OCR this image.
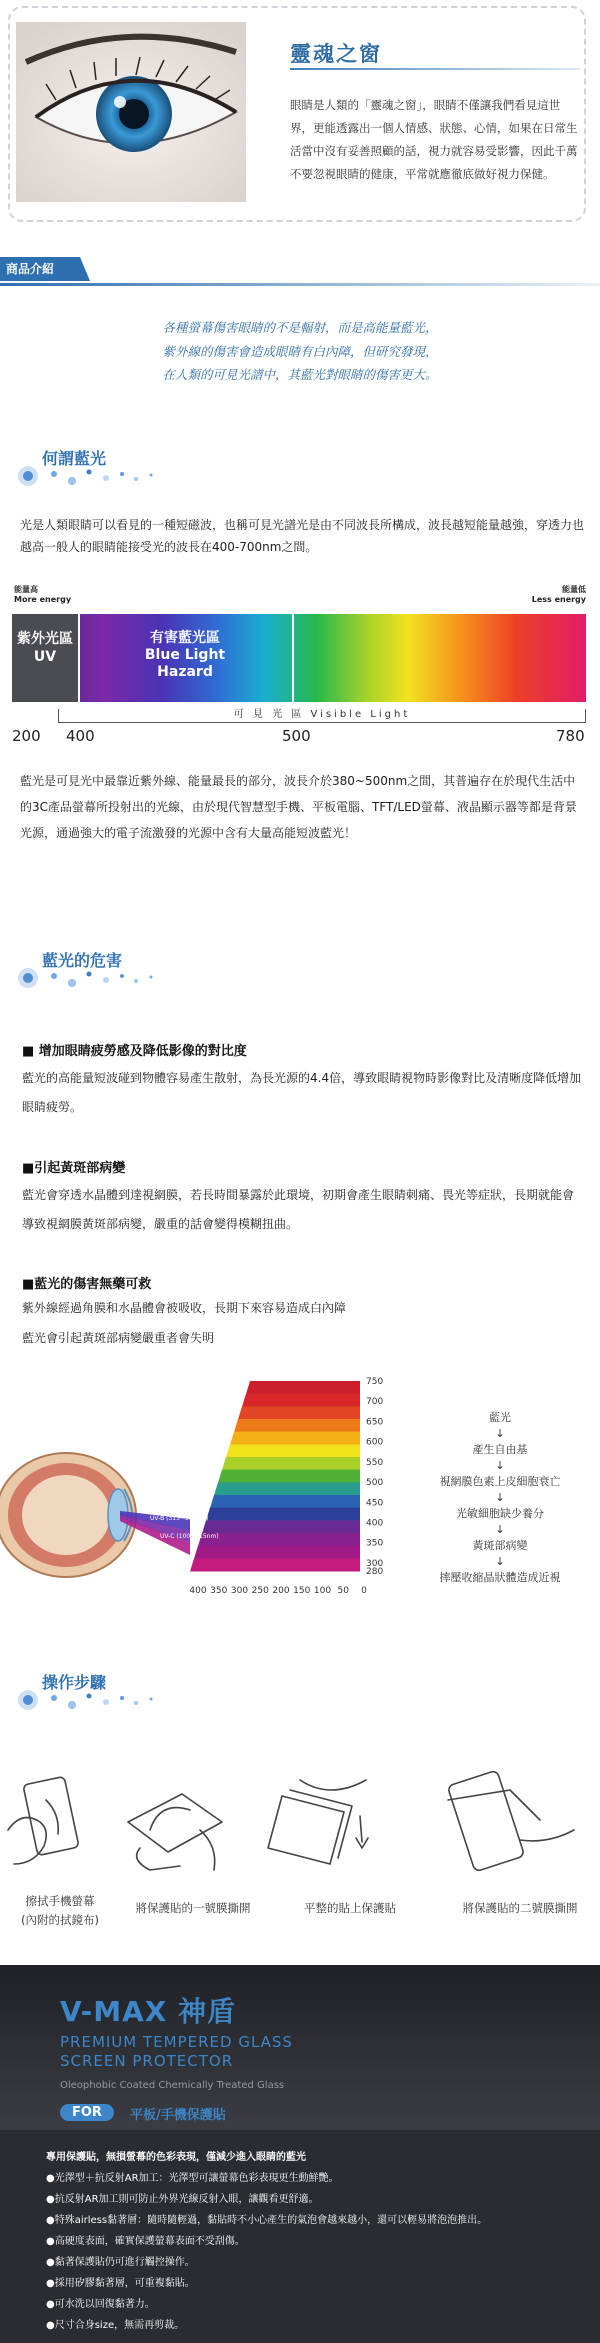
靈魂之窗
眼睛是人類的「靈魂之窗」，眼睛不僅讓我們看見這世界，更能透露出一個人情感、狀態、心情，如果在日常生活當中沒有妥善照顧的話，視力就容易受影響，因此千萬不要忽視眼睛的健康，平常就應徹底做好視力保健。
商品介紹
各種螢幕傷害眼睛的不是輻射，而是高能量藍光，
紫外線的傷害會造成眼睛有白內障，但研究發現，
在人類的可見光譜中，其藍光對眼睛的傷害更大。
何謂藍光
光是人類眼睛可以看見的一種短磁波，也稱可見光譜光是由不同波長所構成，波長越短能量越強，穿透力也越高一般人的眼睛能接受光的波長在400-700nm之間。
能量高
More energy
能量低
Less energy
紫外光區
UV
有害藍光區
Blue Light
Hazard
可 見 光 區 Visible Light
200 400	500	780
藍光是可見光中最靠近紫外線、能量最長的部分，波長介於380~500nm之間，其普遍存在於現代生活中的3C產品螢幕所投射出的光線，由於現代智慧型手機、平板電腦、TFT/LED螢幕、液晶顯示器等都是背景光源，通過強大的電子流激發的光源中含有大量高能短波藍光！
藍光的危害
■ 增加眼睛疲勞感及降低影像的對比度
藍光的高能量短波碰到物體容易產生散射，為長光源的4.4倍，導致眼睛視物時影像對比及清晰度降低增加眼睛疲勞。
■引起黃斑部病變
藍光會穿透水晶體到達視網膜，若長時間暴露於此環境，初期會產生眼睛刺痛、畏光等症狀，長期就能會導致視網膜黃斑部病變，嚴重的話會變得模糊扭曲。
■藍光的傷害無藥可救
紫外線經過角膜和水晶體會被吸收，長期下來容易造成白內障
藍光會引起黃斑部病變嚴重者會失明
750
700
650
600
550
500
450
400
350
300
280
400 350 300 250 200 150 100 50 0
UV-A (380~420nm)
UV-B (315~380nm)
UV-C (100~315nm)
藍光
↓
產生自由基
↓
視網膜色素上皮細胞衰亡
↓
光敏細胞缺少養分
↓
黃斑部病變
↓
摔壓收縮晶狀體造成近視
操作步驟
擦拭手機螢幕
(內附的拭鏡布)
將保護貼的一號膜撕開	平整的貼上保護貼	將保護貼的二號膜撕開
V-MAX 神盾
PREMIUM TEMPERED GLASS
SCREEN PROTECTOR
Oleophobic Coated Chemically Treated Glass
FOR	平板/手機保護貼
專用保護貼，無損螢幕的色彩表現，僅減少進入眼睛的藍光
●光澤型＋抗反射AR加工：光澤型可讓螢幕色彩表現更生動鮮艷。
●抗反射AR加工則可防止外界光線反射入眼，讓觀看更舒適。
●特殊airless黏著層：隨時隨輕過，黏貼時不小心產生的氣泡會越來越小，還可以輕易將泡泡推出。
●高硬度表面，確實保護螢幕表面不受刮傷。
●黏著保護貼仍可進行觸控操作。
●採用矽膠黏著層，可重複黏貼。
●可水洗以回復黏著力。
●尺寸合身size，無需再剪裁。
